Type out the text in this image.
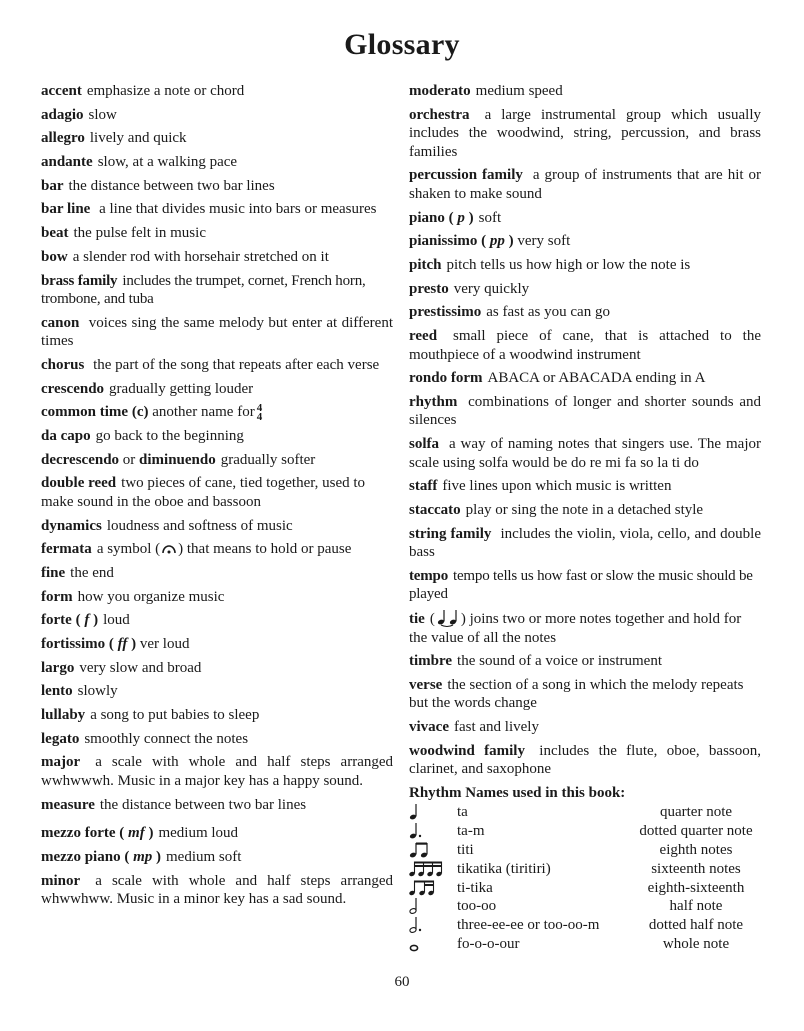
Glossary
accent emphasize a note or chord
adagio slow
allegro lively and quick
andante slow, at a walking pace
bar the distance between two bar lines
bar line a line that divides music into bars or measures
beat the pulse felt in music
bow a slender rod with horsehair stretched on it
brass family includes the trumpet, cornet, French horn, trombone, and tuba
canon voices sing the same melody but enter at different times
chorus the part of the song that repeats after each verse
crescendo gradually getting louder
common time (c) another name for 4
4
da capo go back to the beginning
decrescendo or diminuendo gradually softer
double reed two pieces of cane, tied together, used to make sound in the oboe and bassoon
dynamics loudness and softness of music
fermata a symbol ( ) that means to hold or pause
fine the end
form how you organize music
forte ( f ) loud
fortissimo ( ff ) ver loud
largo very slow and broad
lento slowly
lullaby a song to put babies to sleep
legato smoothly connect the notes
major a scale with whole and half steps arranged wwhwwwh. Music in a major key has a happy sound.
measure the distance between two bar lines
mezzo forte ( mf ) medium loud
mezzo piano ( mp ) medium soft
minor a scale with whole and half steps arranged whwwhww. Music in a minor key has a sad sound.
moderato medium speed
orchestra a large instrumental group which usually includes the woodwind, string, percussion, and brass families
percussion family a group of instruments that are hit or shaken to make sound
piano ( p ) soft
pianissimo ( pp ) very soft
pitch pitch tells us how high or low the note is
presto very quickly
prestissimo as fast as you can go
reed small piece of cane, that is attached to the mouthpiece of a woodwind instrument
rondo form ABACA or ABACADA ending in A
rhythm combinations of longer and shorter sounds and silences
solfa a way of naming notes that singers use. The major scale using solfa would be do re mi fa so la ti do
staff five lines upon which music is written
staccato play or sing the note in a detached style
string family includes the violin, viola, cello, and double bass
tempo tempo tells us how fast or slow the music should be played
tie ( ) joins two or more notes together and hold for the value of all the notes
timbre the sound of a voice or instrument
verse the section of a song in which the melody repeats but the words change
vivace fast and lively
woodwind family includes the flute, oboe, bassoon, clarinet, and saxophone
Rhythm Names used in this book:
ta	quarter note
ta-m	dotted quarter note
titi	eighth notes
tikatika (tiritiri)	sixteenth notes
ti-tika	eighth-sixteenth
too-oo	half note
three-ee-ee or too-oo-m	dotted half note
fo-o-o-our	whole note
60
